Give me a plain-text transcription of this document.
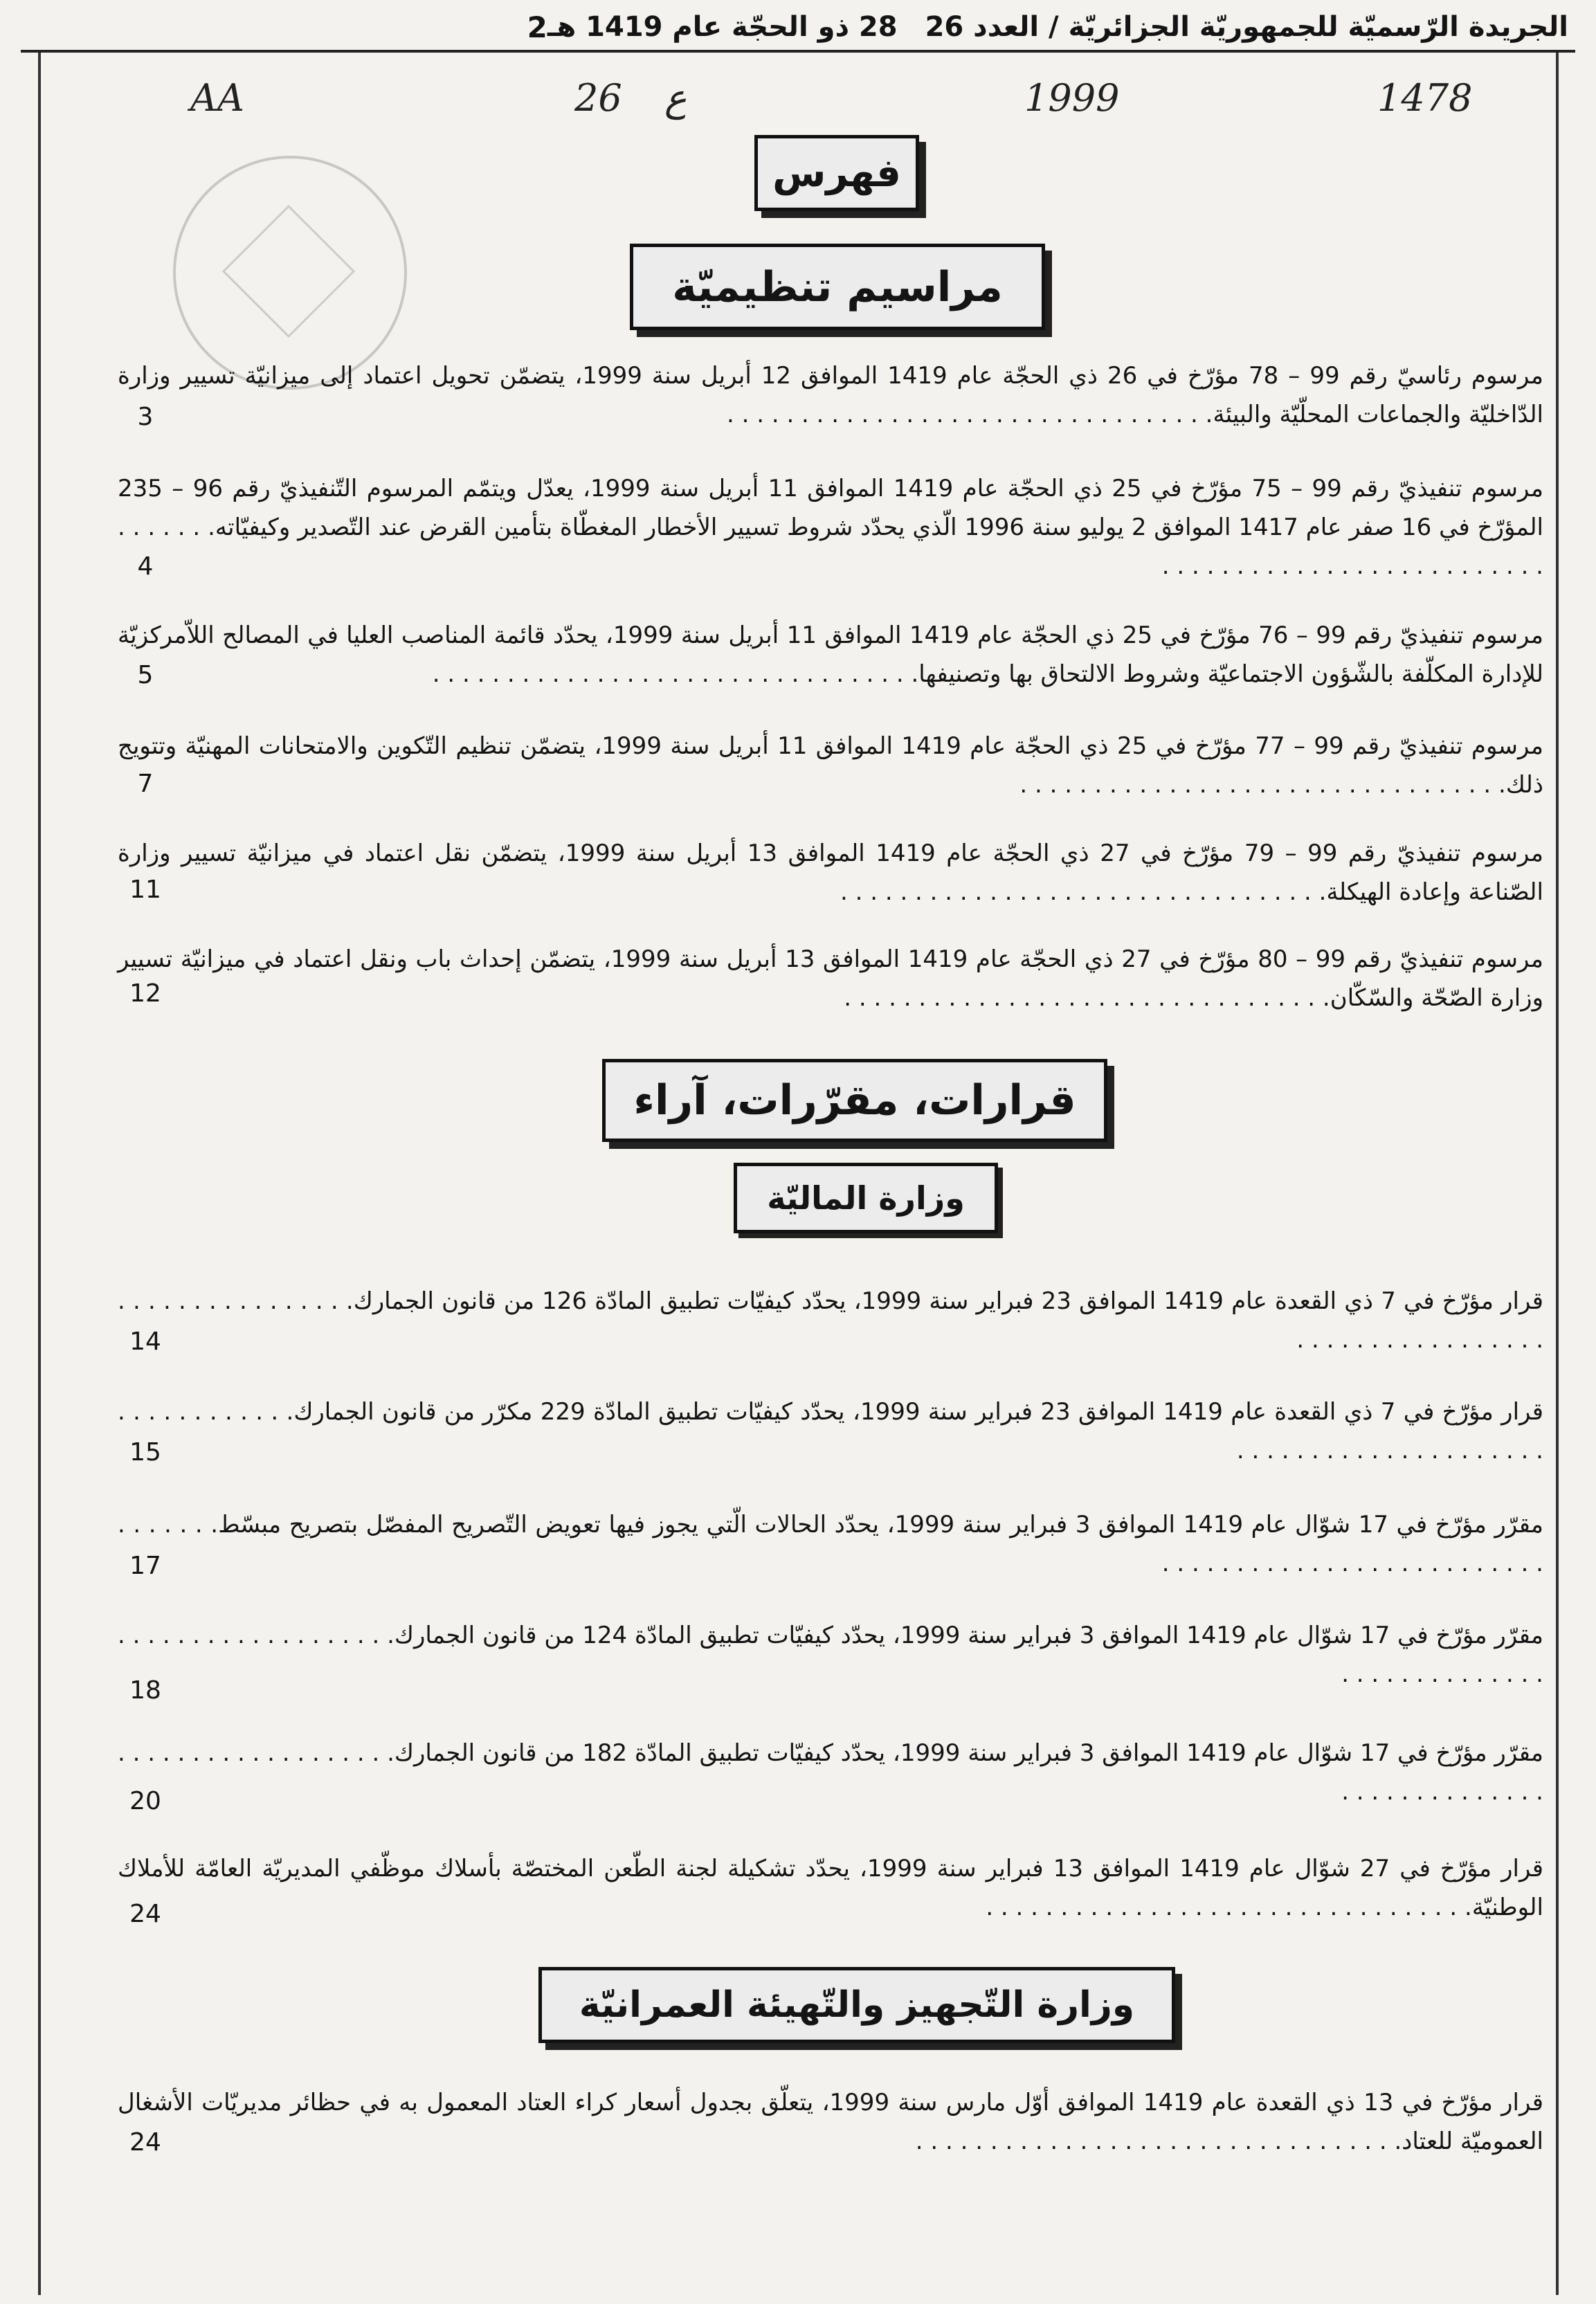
الجريدة الرّسميّة للجمهوريّة الجزائريّة / العدد 26
28 ذو الحجّة عام 1419 هـ
2
AA	26 ع	1999	1478
فهرس
مراسيم تنظيميّة
مرسوم رئاسيّ رقم 99 – 78 مؤرّخ في 26 ذي الحجّة عام 1419 الموافق 12 أبريل سنة 1999، يتضمّن تحويل اعتماد إلى ميزانيّة تسيير وزارة الدّاخليّة والجماعات المحلّيّة والبيئة. . . . . . . . . . . . . . . . . . . . . . . . . . . . . . . . .
3
مرسوم تنفيذيّ رقم 99 – 75 مؤرّخ في 25 ذي الحجّة عام 1419 الموافق 11 أبريل سنة 1999، يعدّل ويتمّم المرسوم التّنفيذيّ رقم 96 – 235 المؤرّخ في 16 صفر عام 1417 الموافق 2 يوليو سنة 1996 الّذي يحدّد شروط تسيير الأخطار المغطّاة بتأمين القرض عند التّصدير وكيفيّاته. . . . . . . . . . . . . . . . . . . . . . . . . . . . . . . . .
4
مرسوم تنفيذيّ رقم 99 – 76 مؤرّخ في 25 ذي الحجّة عام 1419 الموافق 11 أبريل سنة 1999، يحدّد قائمة المناصب العليا في المصالح اللاّمركزيّة للإدارة المكلّفة بالشّؤون الاجتماعيّة وشروط الالتحاق بها وتصنيفها. . . . . . . . . . . . . . . . . . . . . . . . . . . . . . . . .
5
مرسوم تنفيذيّ رقم 99 – 77 مؤرّخ في 25 ذي الحجّة عام 1419 الموافق 11 أبريل سنة 1999، يتضمّن تنظيم التّكوين والامتحانات المهنيّة وتتويج ذلك. . . . . . . . . . . . . . . . . . . . . . . . . . . . . . . . .
7
مرسوم تنفيذيّ رقم 99 – 79 مؤرّخ في 27 ذي الحجّة عام 1419 الموافق 13 أبريل سنة 1999، يتضمّن نقل اعتماد في ميزانيّة تسيير وزارة الصّناعة وإعادة الهيكلة. . . . . . . . . . . . . . . . . . . . . . . . . . . . . . . . .
11
مرسوم تنفيذيّ رقم 99 – 80 مؤرّخ في 27 ذي الحجّة عام 1419 الموافق 13 أبريل سنة 1999، يتضمّن إحداث باب ونقل اعتماد في ميزانيّة تسيير وزارة الصّحّة والسّكّان. . . . . . . . . . . . . . . . . . . . . . . . . . . . . . . . .
12
قرارات، مقرّرات، آراء
وزارة الماليّة
قرار مؤرّخ في 7 ذي القعدة عام 1419 الموافق 23 فبراير سنة 1999، يحدّد كيفيّات تطبيق المادّة 126 من قانون الجمارك. . . . . . . . . . . . . . . . . . . . . . . . . . . . . . . . .
14
قرار مؤرّخ في 7 ذي القعدة عام 1419 الموافق 23 فبراير سنة 1999، يحدّد كيفيّات تطبيق المادّة 229 مكرّر من قانون الجمارك. . . . . . . . . . . . . . . . . . . . . . . . . . . . . . . . .
15
مقرّر مؤرّخ في 17 شوّال عام 1419 الموافق 3 فبراير سنة 1999، يحدّد الحالات الّتي يجوز فيها تعويض التّصريح المفصّل بتصريح مبسّط. . . . . . . . . . . . . . . . . . . . . . . . . . . . . . . . .
17
مقرّر مؤرّخ في 17 شوّال عام 1419 الموافق 3 فبراير سنة 1999، يحدّد كيفيّات تطبيق المادّة 124 من قانون الجمارك. . . . . . . . . . . . . . . . . . . . . . . . . . . . . . . . .
18
مقرّر مؤرّخ في 17 شوّال عام 1419 الموافق 3 فبراير سنة 1999، يحدّد كيفيّات تطبيق المادّة 182 من قانون الجمارك. . . . . . . . . . . . . . . . . . . . . . . . . . . . . . . . .
20
قرار مؤرّخ في 27 شوّال عام 1419 الموافق 13 فبراير سنة 1999، يحدّد تشكيلة لجنة الطّعن المختصّة بأسلاك موظّفي المديريّة العامّة للأملاك الوطنيّة. . . . . . . . . . . . . . . . . . . . . . . . . . . . . . . . .
24
وزارة التّجهيز والتّهيئة العمرانيّة
قرار مؤرّخ في 13 ذي القعدة عام 1419 الموافق أوّل مارس سنة 1999، يتعلّق بجدول أسعار كراء العتاد المعمول به في حظائر مديريّات الأشغال العموميّة للعتاد. . . . . . . . . . . . . . . . . . . . . . . . . . . . . . . . .
24
